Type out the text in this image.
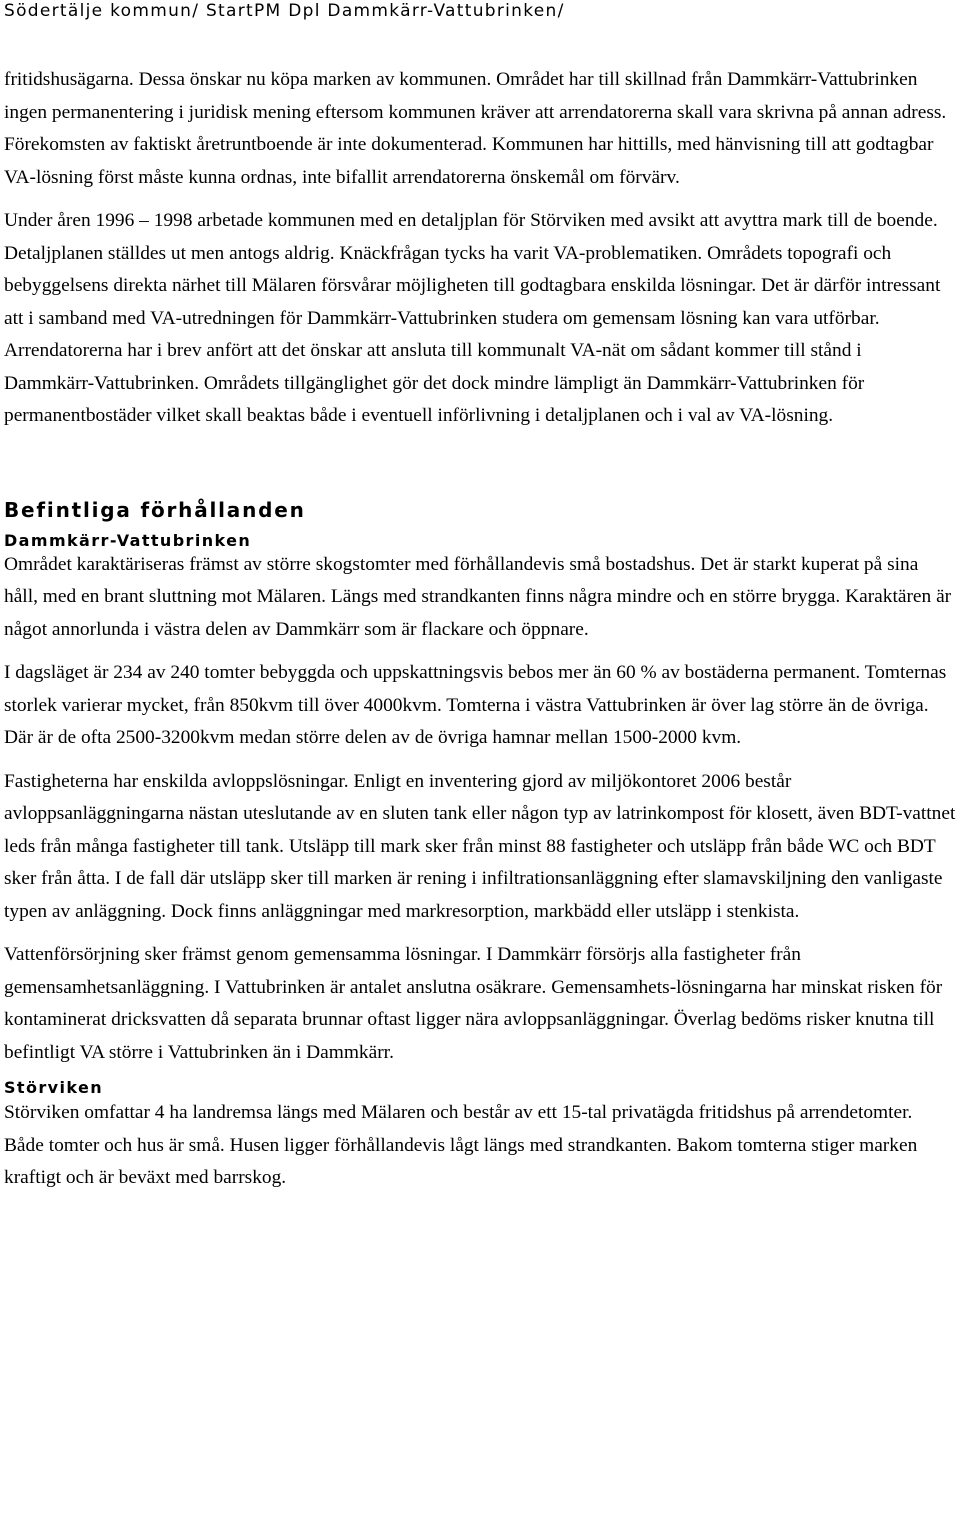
Södertälje kommun/ StartPM Dpl Dammkärr-Vattubrinken/

fritidshusägarna. Dessa önskar nu köpa marken av kommunen. Området har till skillnad från Dammkärr-Vattubrinken ingen permanentering i juridisk mening eftersom kommunen kräver att arrendatorerna skall vara skrivna på annan adress. Förekomsten av faktiskt åretruntboende är inte dokumenterad. Kommunen har hittills, med hänvisning till att godtagbar VA-lösning först måste kunna ordnas, inte bifallit arrendatorerna önskemål om förvärv.

Under åren 1996 – 1998 arbetade kommunen med en detaljplan för Störviken med avsikt att avyttra mark till de boende. Detaljplanen ställdes ut men antogs aldrig. Knäckfrågan tycks ha varit VA-problematiken. Områdets topografi och bebyggelsens direkta närhet till Mälaren försvårar möjligheten till godtagbara enskilda lösningar. Det är därför intressant att i samband med VA-utredningen för Dammkärr-Vattubrinken studera om gemensam lösning kan vara utförbar. Arrendatorerna har i brev anfört att det önskar att ansluta till kommunalt VA-nät om sådant kommer till stånd i Dammkärr-Vattubrinken. Områdets tillgänglighet gör det dock mindre lämpligt än Dammkärr-Vattubrinken för permanentbostäder vilket skall beaktas både i eventuell införlivning i detaljplanen och i val av VA-lösning.

Befintliga förhållanden
Dammkärr-Vattubrinken

Området karaktäriseras främst av större skogstomter med förhållandevis små bostadshus. Det är starkt kuperat på sina håll, med en brant sluttning mot Mälaren. Längs med strandkanten finns några mindre och en större brygga. Karaktären är något annorlunda i västra delen av Dammkärr som är flackare och öppnare.

I dagsläget är 234 av 240 tomter bebyggda och uppskattningsvis bebos mer än 60 % av bostäderna permanent. Tomternas storlek varierar mycket, från 850kvm till över 4000kvm. Tomterna i västra Vattubrinken är över lag större än de övriga. Där är de ofta 2500-3200kvm medan större delen av de övriga hamnar mellan 1500-2000 kvm.

Fastigheterna har enskilda avloppslösningar. Enligt en inventering gjord av miljökontoret 2006 består avloppsanläggningarna nästan uteslutande av en sluten tank eller någon typ av latrinkompost för klosett, även BDT-vattnet leds från många fastigheter till tank. Utsläpp till mark sker från minst 88 fastigheter och utsläpp från både WC och BDT sker från åtta. I de fall där utsläpp sker till marken är rening i infiltrationsanläggning efter slamavskiljning den vanligaste typen av anläggning. Dock finns anläggningar med markresorption, markbädd eller utsläpp i stenkista.

Vattenförsörjning sker främst genom gemensamma lösningar. I Dammkärr försörjs alla fastigheter från gemensamhetsanläggning. I Vattubrinken är antalet anslutna osäkrare. Gemensamhets-lösningarna har minskat risken för kontaminerat dricksvatten då separata brunnar oftast ligger nära avloppsanläggningar. Överlag bedöms risker knutna till befintligt VA större i Vattubrinken än i Dammkärr.

Störviken

Störviken omfattar 4 ha landremsa längs med Mälaren och består av ett 15-tal privatägda fritidshus på arrendetomter. Både tomter och hus är små. Husen ligger förhållandevis lågt längs med strandkanten. Bakom tomterna stiger marken kraftigt och är beväxt med barrskog.
